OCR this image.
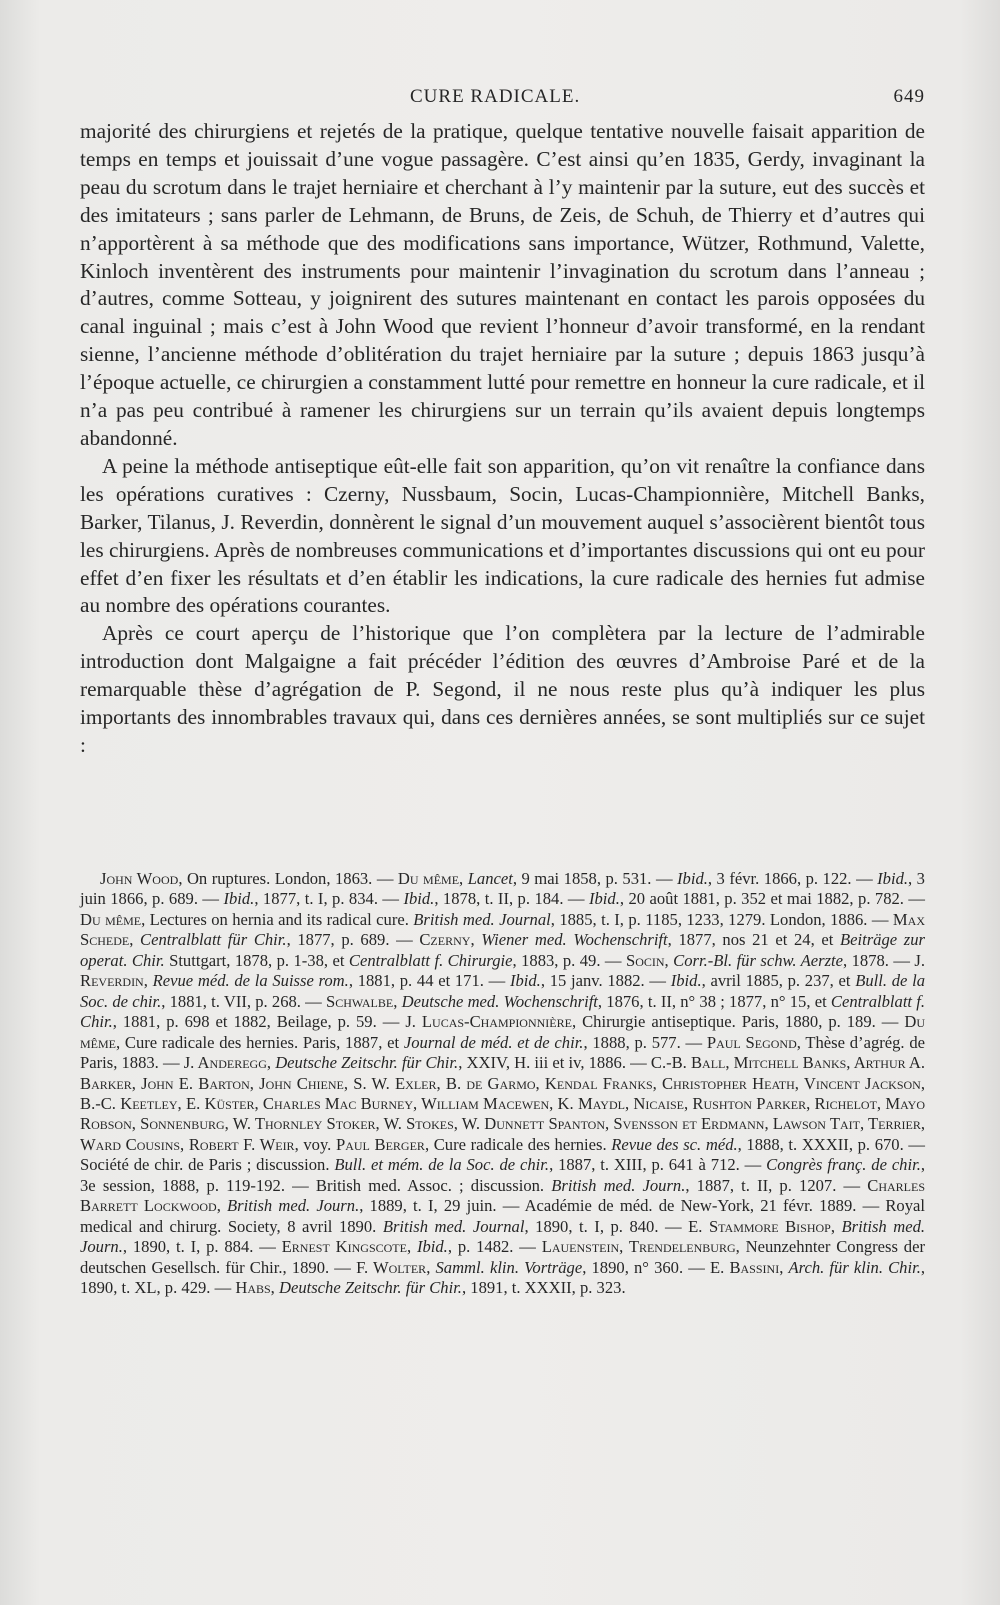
CURE RADICALE.	649

majorité des chirurgiens et rejetés de la pratique, quelque tentative nouvelle faisait apparition de temps en temps et jouissait d’une vogue passagère. C’est ainsi qu’en 1835, Gerdy, invaginant la peau du scrotum dans le trajet herniaire et cherchant à l’y maintenir par la suture, eut des succès et des imitateurs ; sans parler de Lehmann, de Bruns, de Zeis, de Schuh, de Thierry et d’autres qui n’apportèrent à sa méthode que des modifications sans importance, Wützer, Rothmund, Valette, Kinloch inventèrent des instruments pour maintenir l’invagination du scrotum dans l’anneau ; d’autres, comme Sotteau, y joignirent des sutures maintenant en contact les parois opposées du canal inguinal ; mais c’est à John Wood que revient l’honneur d’avoir transformé, en la rendant sienne, l’ancienne méthode d’oblitération du trajet herniaire par la suture ; depuis 1863 jusqu’à l’époque actuelle, ce chirurgien a constamment lutté pour remettre en honneur la cure radicale, et il n’a pas peu contribué à ramener les chirurgiens sur un terrain qu’ils avaient depuis longtemps abandonné.

A peine la méthode antiseptique eût-elle fait son apparition, qu’on vit renaître la confiance dans les opérations curatives : Czerny, Nussbaum, Socin, Lucas-Championnière, Mitchell Banks, Barker, Tilanus, J. Reverdin, donnèrent le signal d’un mouvement auquel s’associèrent bientôt tous les chirurgiens. Après de nombreuses communications et d’importantes discussions qui ont eu pour effet d’en fixer les résultats et d’en établir les indications, la cure radicale des hernies fut admise au nombre des opérations courantes.

Après ce court aperçu de l’historique que l’on complètera par la lecture de l’admirable introduction dont Malgaigne a fait précéder l’édition des œuvres d’Ambroise Paré et de la remarquable thèse d’agrégation de P. Segond, il ne nous reste plus qu’à indiquer les plus importants des innombrables travaux qui, dans ces dernières années, se sont multipliés sur ce sujet :

John Wood, On ruptures. London, 1863. — Du même, Lancet, 9 mai 1858, p. 531. — Ibid., 3 févr. 1866, p. 122. — Ibid., 3 juin 1866, p. 689. — Ibid., 1877, t. I, p. 834. — Ibid., 1878, t. II, p. 184. — Ibid., 20 août 1881, p. 352 et mai 1882, p. 782. — Du même, Lectures on hernia and its radical cure. British med. Journal, 1885, t. I, p. 1185, 1233, 1279. London, 1886. — Max Schede, Centralblatt für Chir., 1877, p. 689. — Czerny, Wiener med. Wochenschrift, 1877, nos 21 et 24, et Beiträge zur operat. Chir. Stuttgart, 1878, p. 1-38, et Centralblatt f. Chirurgie, 1883, p. 49. — Socin, Corr.-Bl. für schw. Aerzte, 1878. — J. Reverdin, Revue méd. de la Suisse rom., 1881, p. 44 et 171. — Ibid., 15 janv. 1882. — Ibid., avril 1885, p. 237, et Bull. de la Soc. de chir., 1881, t. VII, p. 268. — Schwalbe, Deutsche med. Wochenschrift, 1876, t. II, n° 38 ; 1877, n° 15, et Centralblatt f. Chir., 1881, p. 698 et 1882, Beilage, p. 59. — J. Lucas-Championnière, Chirurgie antiseptique. Paris, 1880, p. 189. — Du même, Cure radicale des hernies. Paris, 1887, et Journal de méd. et de chir., 1888, p. 577. — Paul Segond, Thèse d’agrég. de Paris, 1883. — J. Anderegg, Deutsche Zeitschr. für Chir., XXIV, H. iii et iv, 1886. — C.-B. Ball, Mitchell Banks, Arthur A. Barker, John E. Barton, John Chiene, S. W. Exler, B. de Garmo, Kendal Franks, Christopher Heath, Vincent Jackson, B.-C. Keetley, E. Küster, Charles Mac Burney, William Macewen, K. Maydl, Nicaise, Rushton Parker, Richelot, Mayo Robson, Sonnenburg, W. Thornley Stoker, W. Stokes, W. Dunnett Spanton, Svensson et Erdmann, Lawson Tait, Terrier, Ward Cousins, Robert F. Weir, voy. Paul Berger, Cure radicale des hernies. Revue des sc. méd., 1888, t. XXXII, p. 670. — Société de chir. de Paris ; discussion. Bull. et mém. de la Soc. de chir., 1887, t. XIII, p. 641 à 712. — Congrès franç. de chir., 3e session, 1888, p. 119-192. — British med. Assoc. ; discussion. British med. Journ., 1887, t. II, p. 1207. — Charles Barrett Lockwood, British med. Journ., 1889, t. I, 29 juin. — Académie de méd. de New-York, 21 févr. 1889. — Royal medical and chirurg. Society, 8 avril 1890. British med. Journal, 1890, t. I, p. 840. — E. Stammore Bishop, British med. Journ., 1890, t. I, p. 884. — Ernest Kingscote, Ibid., p. 1482. — Lauenstein, Trendelenburg, Neunzehnter Congress der deutschen Gesellsch. für Chir., 1890. — F. Wolter, Samml. klin. Vorträge, 1890, n° 360. — E. Bassini, Arch. für klin. Chir., 1890, t. XL, p. 429. — Habs, Deutsche Zeitschr. für Chir., 1891, t. XXXII, p. 323.
